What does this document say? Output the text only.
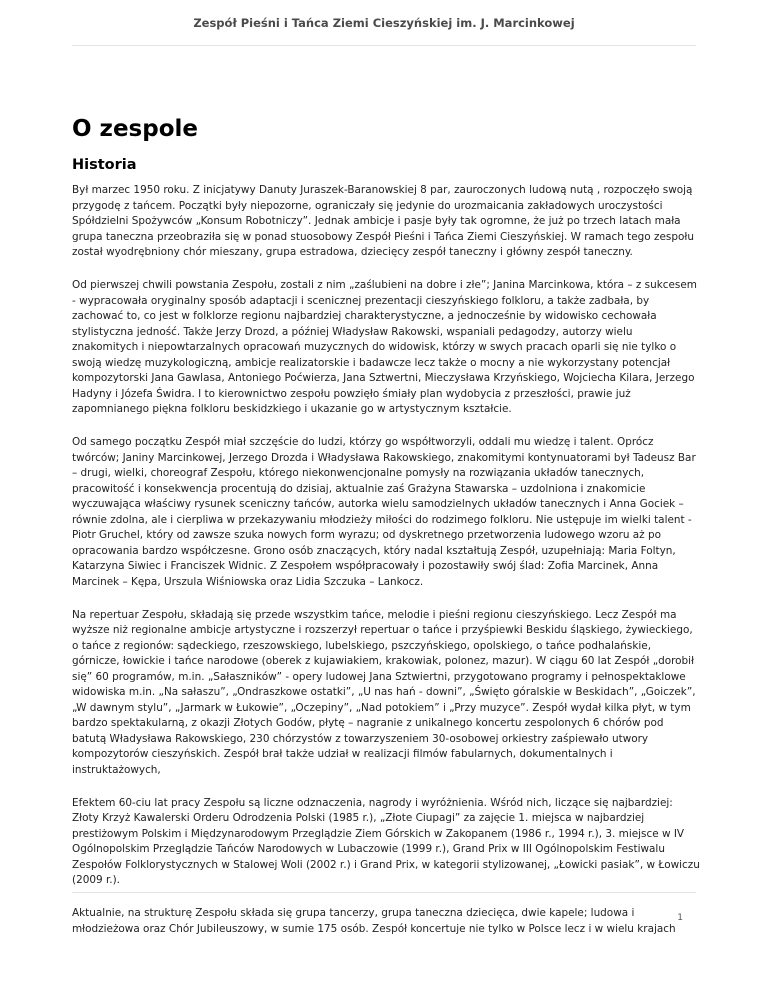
Zespół Pieśni i Tańca Ziemi Cieszyńskiej im. J. Marcinkowej
O zespole
Historia

Był marzec 1950 roku. Z inicjatywy Danuty Juraszek-Baranowskiej 8 par, zauroczonych ludową nutą , rozpoczęło swoją przygodę z tańcem. Początki były niepozorne, ograniczały się jedynie do urozmaicania zakładowych uroczystości Spółdzielni Spożywców „Konsum Robotniczy”. Jednak ambicje i pasje były tak ogromne, że już po trzech latach mała grupa taneczna przeobraziła się w ponad stuosobowy Zespół Pieśni i Tańca Ziemi Cieszyńskiej. W ramach tego zespołu został wyodrębniony chór mieszany, grupa estradowa, dziecięcy zespół taneczny i główny zespół taneczny.

Od pierwszej chwili powstania Zespołu, zostali z nim „zaślubieni na dobre i złe”; Janina Marcinkowa, która – z sukcesem - wypracowała oryginalny sposób adaptacji i scenicznej prezentacji cieszyńskiego folkloru, a także zadbała, by zachować to, co jest w folklorze regionu najbardziej charakterystyczne, a jednocześnie by widowisko cechowała stylistyczna jedność. Także Jerzy Drozd, a później Władysław Rakowski, wspaniali pedagodzy, autorzy wielu znakomitych i niepowtarzalnych opracowań muzycznych do widowisk, którzy w swych pracach oparli się nie tylko o swoją wiedzę muzykologiczną, ambicje realizatorskie i badawcze lecz także o mocny a nie wykorzystany potencjał kompozytorski Jana Gawlasa, Antoniego Poćwierza, Jana Sztwertni, Mieczysława Krzyńskiego, Wojciecha Kilara, Jerzego Hadyny i Józefa Świdra. I to kierownictwo zespołu powzięło śmiały plan wydobycia z przeszłości, prawie już zapomnianego piękna folkloru beskidzkiego i ukazanie go w artystycznym kształcie.

Od samego początku Zespół miał szczęście do ludzi, którzy go współtworzyli, oddali mu wiedzę i talent. Oprócz twórców; Janiny Marcinkowej, Jerzego Drozda i Władysława Rakowskiego, znakomitymi kontynuatorami był Tadeusz Bar – drugi, wielki, choreograf Zespołu, którego niekonwencjonalne pomysły na rozwiązania układów tanecznych, pracowitość i konsekwencja procentują do dzisiaj, aktualnie zaś Grażyna Stawarska – uzdolniona i znakomicie wyczuwająca właściwy rysunek sceniczny tańców, autorka wielu samodzielnych układów tanecznych i Anna Gociek – równie zdolna, ale i cierpliwa w przekazywaniu młodzieży miłości do rodzimego folkloru. Nie ustępuje im wielki talent - Piotr Gruchel, który od zawsze szuka nowych form wyrazu; od dyskretnego przetworzenia ludowego wzoru aż po opracowania bardzo współczesne. Grono osób znaczących, który nadal kształtują Zespół, uzupełniają: Maria Foltyn, Katarzyna Siwiec i Franciszek Widnic. Z Zespołem współpracowały i pozostawiły swój ślad: Zofia Marcinek, Anna Marcinek – Kępa, Urszula Wiśniowska oraz Lidia Szczuka – Lankocz.

Na repertuar Zespołu, składają się przede wszystkim tańce, melodie i pieśni regionu cieszyńskiego. Lecz Zespół ma wyższe niż regionalne ambicje artystyczne i rozszerzył repertuar o tańce i przyśpiewki Beskidu śląskiego, żywieckiego, o tańce z regionów: sądeckiego, rzeszowskiego, lubelskiego, pszczyńskiego, opolskiego, o tańce podhalańskie, górnicze, łowickie i tańce narodowe (oberek z kujawiakiem, krakowiak, polonez, mazur). W ciągu 60 lat Zespół „dorobił się” 60 programów, m.in. „Sałaszników” - opery ludowej Jana Sztwiertni, przygotowano programy i pełnospektaklowe widowiska m.in. „Na sałaszu”, „Ondraszkowe ostatki”, „U nas hań - downi”, „Święto góralskie w Beskidach”, „Goiczek”, „W dawnym stylu”, „Jarmark w Łukowie”, „Oczepiny”, „Nad potokiem” i „Przy muzyce”. Zespół wydał kilka płyt, w tym bardzo spektakularną, z okazji Złotych Godów, płytę – nagranie z unikalnego koncertu zespolonych 6 chórów pod batutą Władysława Rakowskiego, 230 chórzystów z towarzyszeniem 30-osobowej orkiestry zaśpiewało utwory kompozytorów cieszyńskich. Zespół brał także udział w realizacji filmów fabularnych, dokumentalnych i instruktażowych,

Efektem 60-ciu lat pracy Zespołu są liczne odznaczenia, nagrody i wyróżnienia. Wśród nich, liczące się najbardziej: Złoty Krzyż Kawalerski Orderu Odrodzenia Polski (1985 r.), „Złote Ciupagi” za zajęcie 1. miejsca w najbardziej prestiżowym Polskim i Międzynarodowym Przeglądzie Ziem Górskich w Zakopanem (1986 r., 1994 r.), 3. miejsce w IV Ogólnopolskim Przeglądzie Tańców Narodowych w Lubaczowie (1999 r.), Grand Prix w III Ogólnopolskim Festiwalu Zespołów Folklorystycznych w Stalowej Woli (2002 r.) i Grand Prix, w kategorii stylizowanej, „Łowicki pasiak”, w Łowiczu (2009 r.).

Aktualnie, na strukturę Zespołu składa się grupa tancerzy, grupa taneczna dziecięca, dwie kapele; ludowa i młodzieżowa oraz Chór Jubileuszowy, w sumie 175 osób. Zespół koncertuje nie tylko w Polsce lecz i w wielu krajach

1
